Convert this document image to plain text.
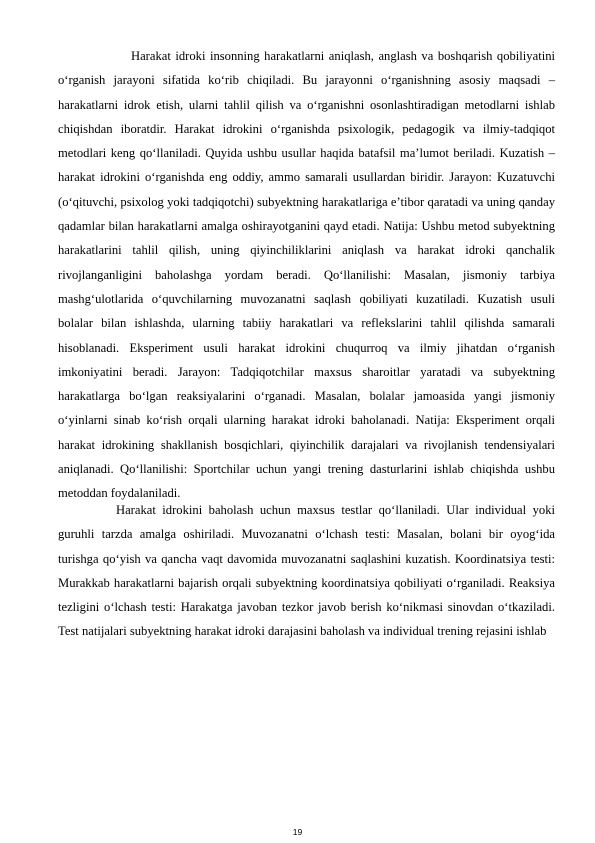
Harakat idroki insonning harakatlarni aniqlash, anglash va boshqarish qobiliyatini o‘rganish jarayoni sifatida ko‘rib chiqiladi. Bu jarayonni o‘rganishning asosiy maqsadi – harakatlarni idrok etish, ularni tahlil qilish va o‘rganishni osonlashtiradigan metodlarni ishlab chiqishdan iboratdir. Harakat idrokini o‘rganishda psixologik, pedagogik va ilmiy-tadqiqot metodlari keng qo‘llaniladi. Quyida ushbu usullar haqida batafsil ma’lumot beriladi. Kuzatish – harakat idrokini o‘rganishda eng oddiy, ammo samarali usullardan biridir. Jarayon: Kuzatuvchi (o‘qituvchi, psixolog yoki tadqiqotchi) subyektning harakatlariga e’tibor qaratadi va uning qanday qadamlar bilan harakatlarni amalga oshirayotganini qayd etadi. Natija: Ushbu metod subyektning harakatlarini tahlil qilish, uning qiyinchiliklarini aniqlash va harakat idroki qanchalik rivojlanganligini baholashga yordam beradi. Qo‘llanilishi: Masalan, jismoniy tarbiya mashg‘ulotlarida o‘quvchilarning muvozanatni saqlash qobiliyati kuzatiladi. Kuzatish usuli bolalar bilan ishlashda, ularning tabiiy harakatlari va reflekslarini tahlil qilishda samarali hisoblanadi. Eksperiment usuli harakat idrokini chuqurroq va ilmiy jihatdan o‘rganish imkoniyatini beradi. Jarayon: Tadqiqotchilar maxsus sharoitlar yaratadi va subyektning harakatlarga bo‘lgan reaksiyalarini o‘rganadi. Masalan, bolalar jamoasida yangi jismoniy o‘yinlarni sinab ko‘rish orqali ularning harakat idroki baholanadi. Natija: Eksperiment orqali harakat idrokining shakllanish bosqichlari, qiyinchilik darajalari va rivojlanish tendensiyalari aniqlanadi. Qo‘llanilishi: Sportchilar uchun yangi trening dasturlarini ishlab chiqishda ushbu metoddan foydalaniladi.

Harakat idrokini baholash uchun maxsus testlar qo‘llaniladi. Ular individual yoki guruhli tarzda amalga oshiriladi. Muvozanatni o‘lchash testi: Masalan, bolani bir oyog‘ida turishga qo‘yish va qancha vaqt davomida muvozanatni saqlashini kuzatish. Koordinatsiya testi: Murakkab harakatlarni bajarish orqali subyektning koordinatsiya qobiliyati o‘rganiladi. Reaksiya tezligini o‘lchash testi: Harakatga javoban tezkor javob berish ko‘nikmasi sinovdan o‘tkaziladi. Test natijalari subyektning harakat idroki darajasini baholash va individual trening rejasini ishlab

19
